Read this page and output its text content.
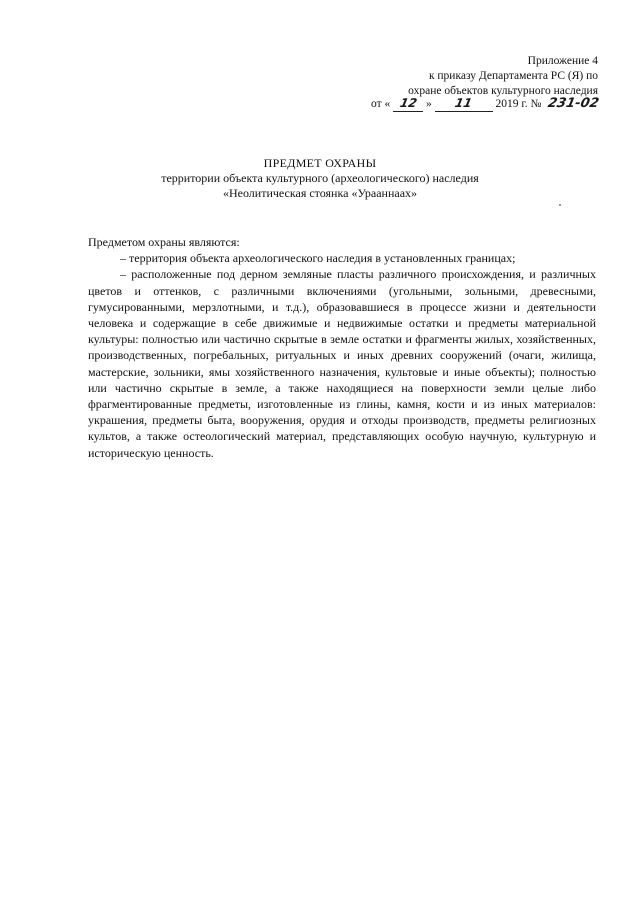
Приложение 4
к приказу Департамента РС (Я) по
охране объектов культурного наследия
от « 12 » 11 2019 г. № 231-02
ПРЕДМЕТ ОХРАНЫ
территории объекта культурного (археологического) наследия
«Неолитическая стоянка «Урааннаах»

Предметом охраны являются:

– территория объекта археологического наследия в установленных границах;

– расположенные под дерном земляные пласты различного происхождения, и различных цветов и оттенков, с различными включениями (угольными, зольными, древесными, гумусированными, мерзлотными, и т.д.), образовавшиеся в процессе жизни и деятельности человека и содержащие в себе движимые и недвижимые остатки и предметы материальной культуры: полностью или частично скрытые в земле остатки и фрагменты жилых, хозяйственных, производственных, погребальных, ритуальных и иных древних сооружений (очаги, жилища, мастерские, зольники, ямы хозяйственного назначения, культовые и иные объекты); полностью или частично скрытые в земле, а также находящиеся на поверхности земли целые либо фрагментированные предметы, изготовленные из глины, камня, кости и из иных материалов: украшения, предметы быта, вооружения, орудия и отходы производств, предметы религиозных культов, а также остеологический материал, представляющих особую научную, культурную и историческую ценность.
